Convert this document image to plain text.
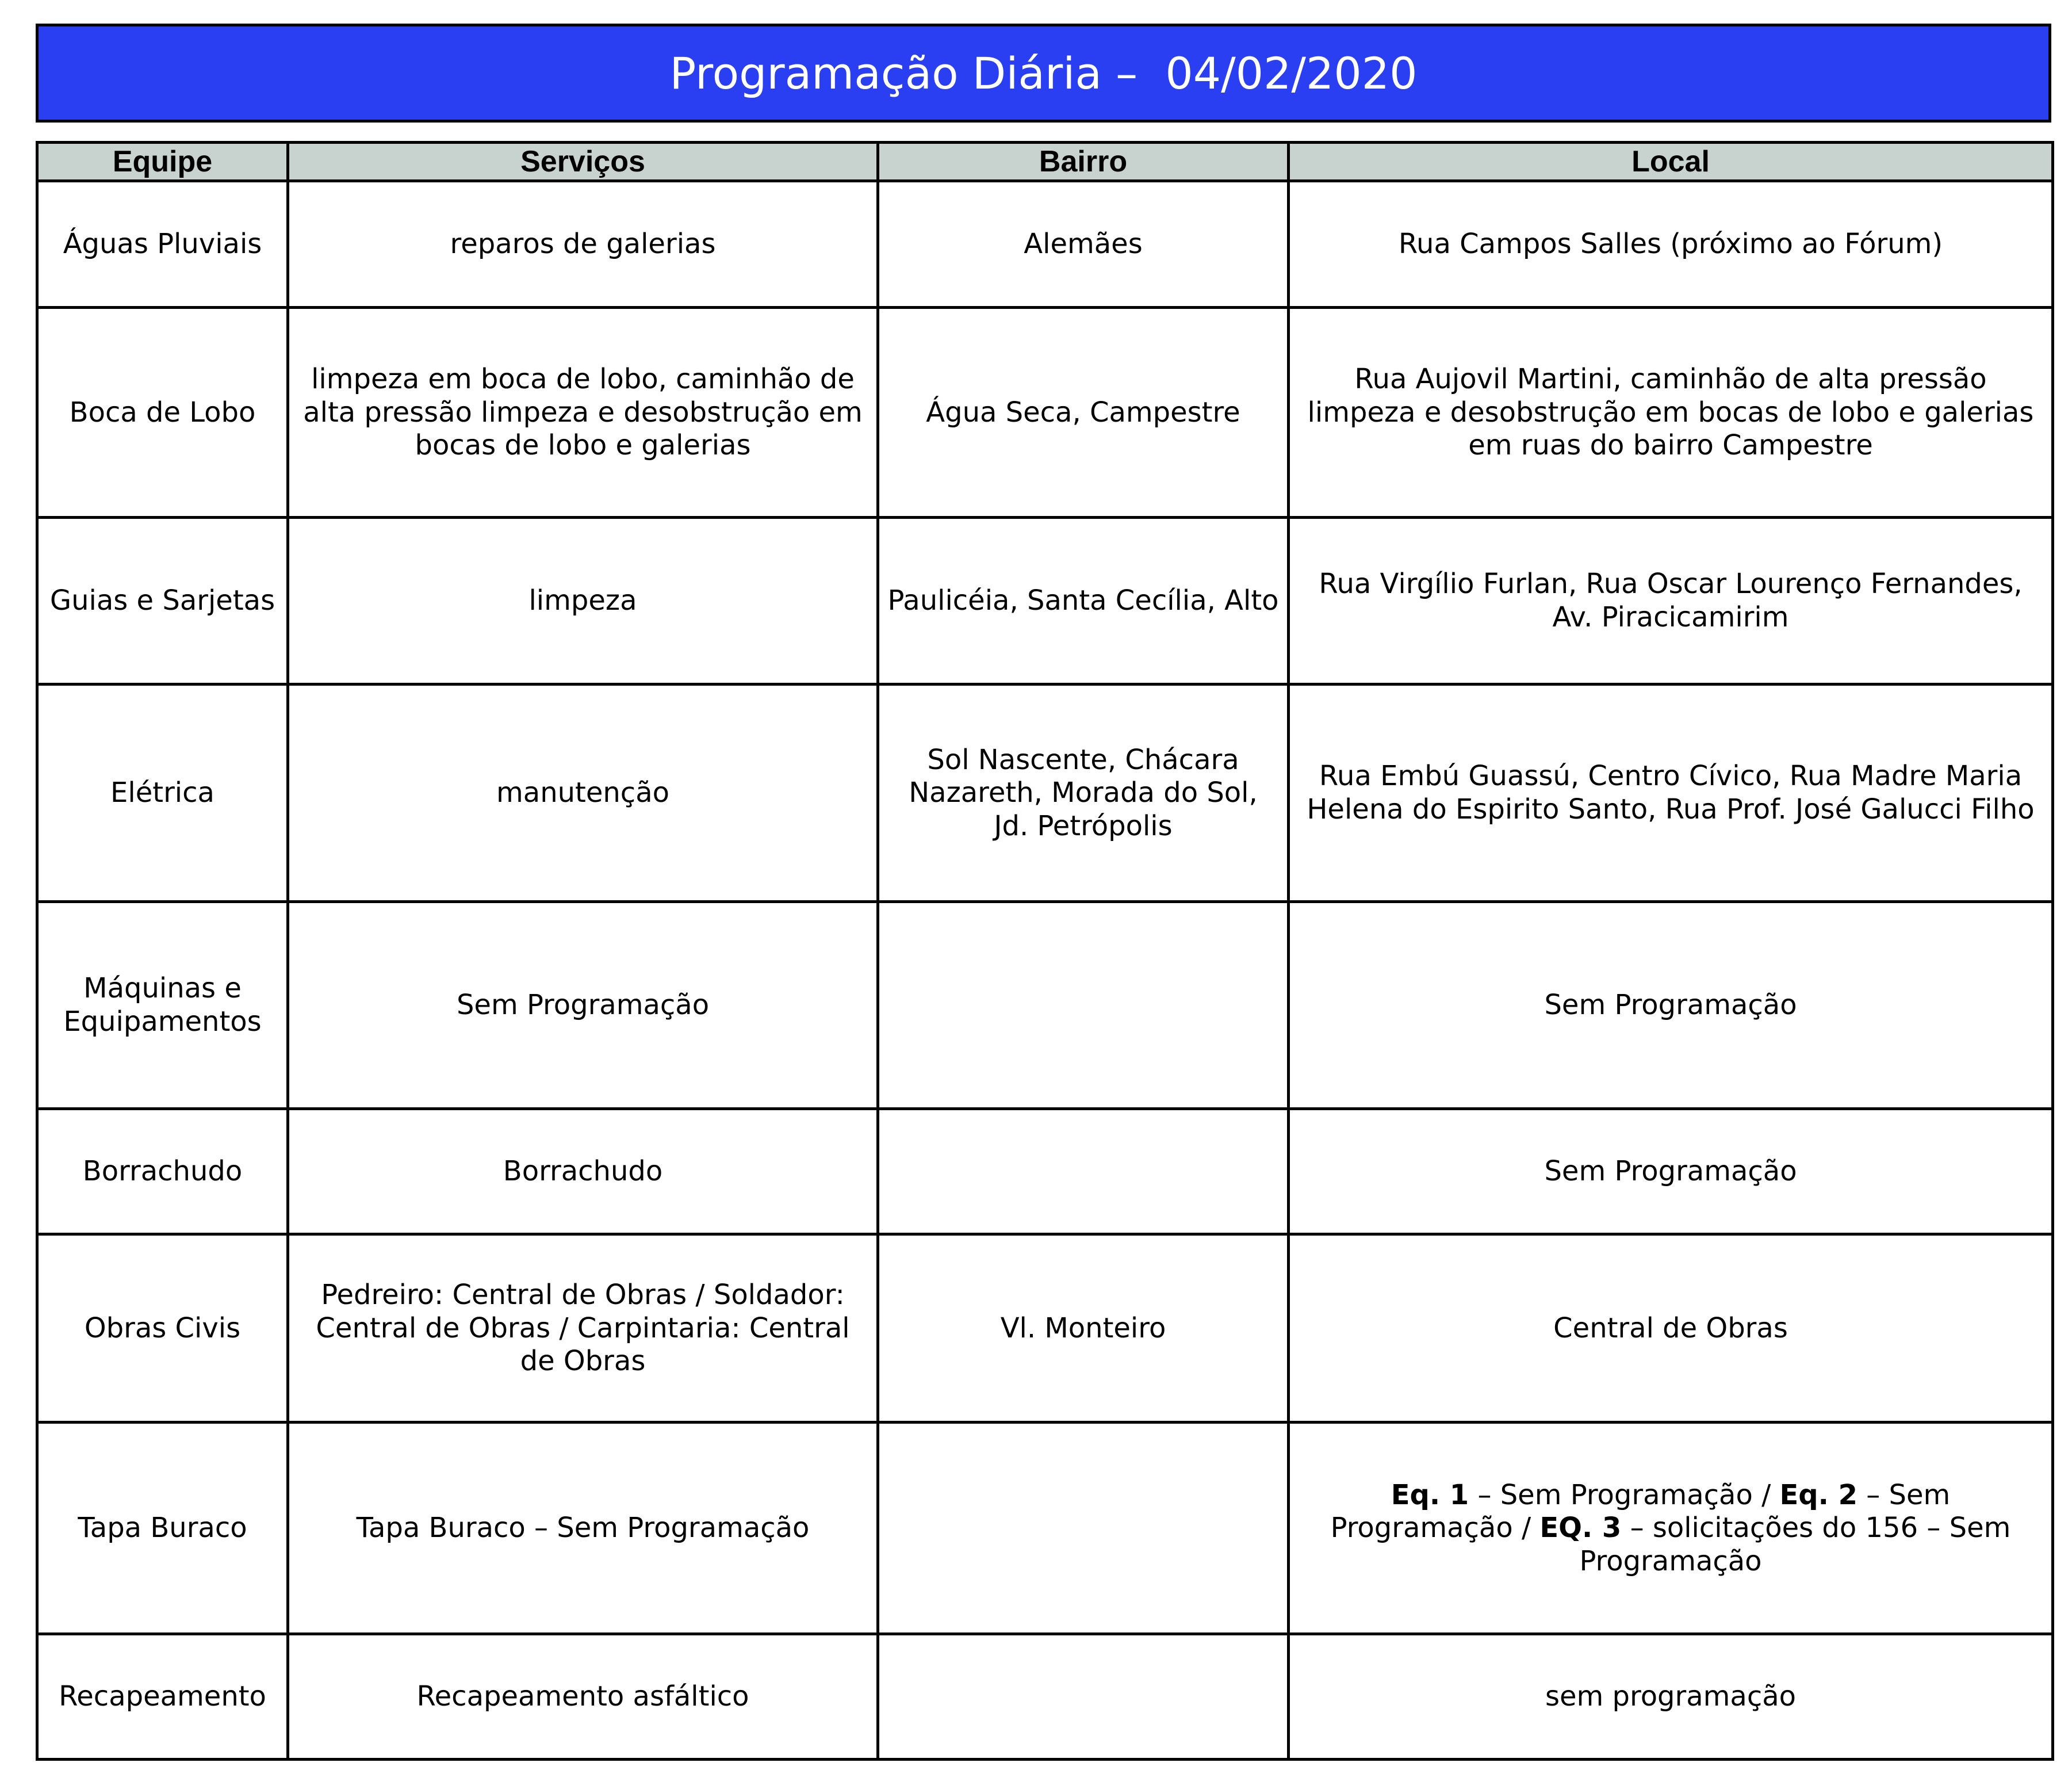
Programação Diária –  04/02/2020
Equipe	Serviços	Bairro	Local
Águas Pluviais	reparos de galerias	Alemães	Rua Campos Salles (próximo ao Fórum)
Boca de Lobo	limpeza em boca de lobo, caminhão de alta pressão limpeza e desobstrução em bocas de lobo e galerias	Água Seca, Campestre	Rua Aujovil Martini, caminhão de alta pressão limpeza e desobstrução em bocas de lobo e galerias em ruas do bairro Campestre
Guias e Sarjetas	limpeza	Paulicéia, Santa Cecília, Alto	Rua Virgílio Furlan, Rua Oscar Lourenço Fernandes, Av. Piracicamirim
Elétrica	manutenção	Sol Nascente, Chácara Nazareth, Morada do Sol, Jd. Petrópolis	Rua Embú Guassú, Centro Cívico, Rua Madre Maria Helena do Espirito Santo, Rua Prof. José Galucci Filho
Máquinas e Equipamentos	Sem Programação		Sem Programação
Borrachudo	Borrachudo		Sem Programação
Obras Civis	Pedreiro: Central de Obras / Soldador: Central de Obras / Carpintaria: Central de Obras	Vl. Monteiro	Central de Obras
Tapa Buraco	Tapa Buraco – Sem Programação		Eq. 1 – Sem Programação / Eq. 2 – Sem Programação / EQ. 3 – solicitações do 156 – Sem Programação
Recapeamento	Recapeamento asfáltico		sem programação
